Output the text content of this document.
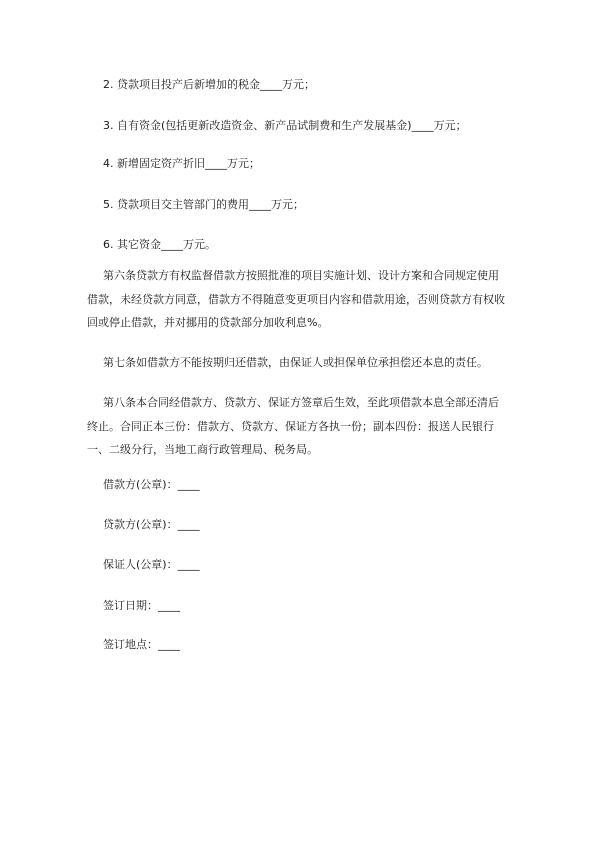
2. 贷款项目投产后新增加的税金____万元；

3. 自有资金(包括更新改造资金、新产品试制费和生产发展基金)____万元；

4. 新增固定资产折旧____万元；

5. 贷款项目交主管部门的费用____万元；

6. 其它资金____万元。

第六条贷款方有权监督借款方按照批准的项目实施计划、设计方案和合同规定使用借款，未经贷款方同意，借款方不得随意变更项目内容和借款用途，否则贷款方有权收回或停止借款，并对挪用的贷款部分加收利息%。

第七条如借款方不能按期归还借款，由保证人或担保单位承担偿还本息的责任。

第八条本合同经借款方、贷款方、保证方签章后生效，至此项借款本息全部还清后终止。合同正本三份：借款方、贷款方、保证方各执一份；副本四份：报送人民银行一、二级分行，当地工商行政管理局、税务局。

借款方(公章)：____

贷款方(公章)：____

保证人(公章)：____

签订日期：____

签订地点：____
